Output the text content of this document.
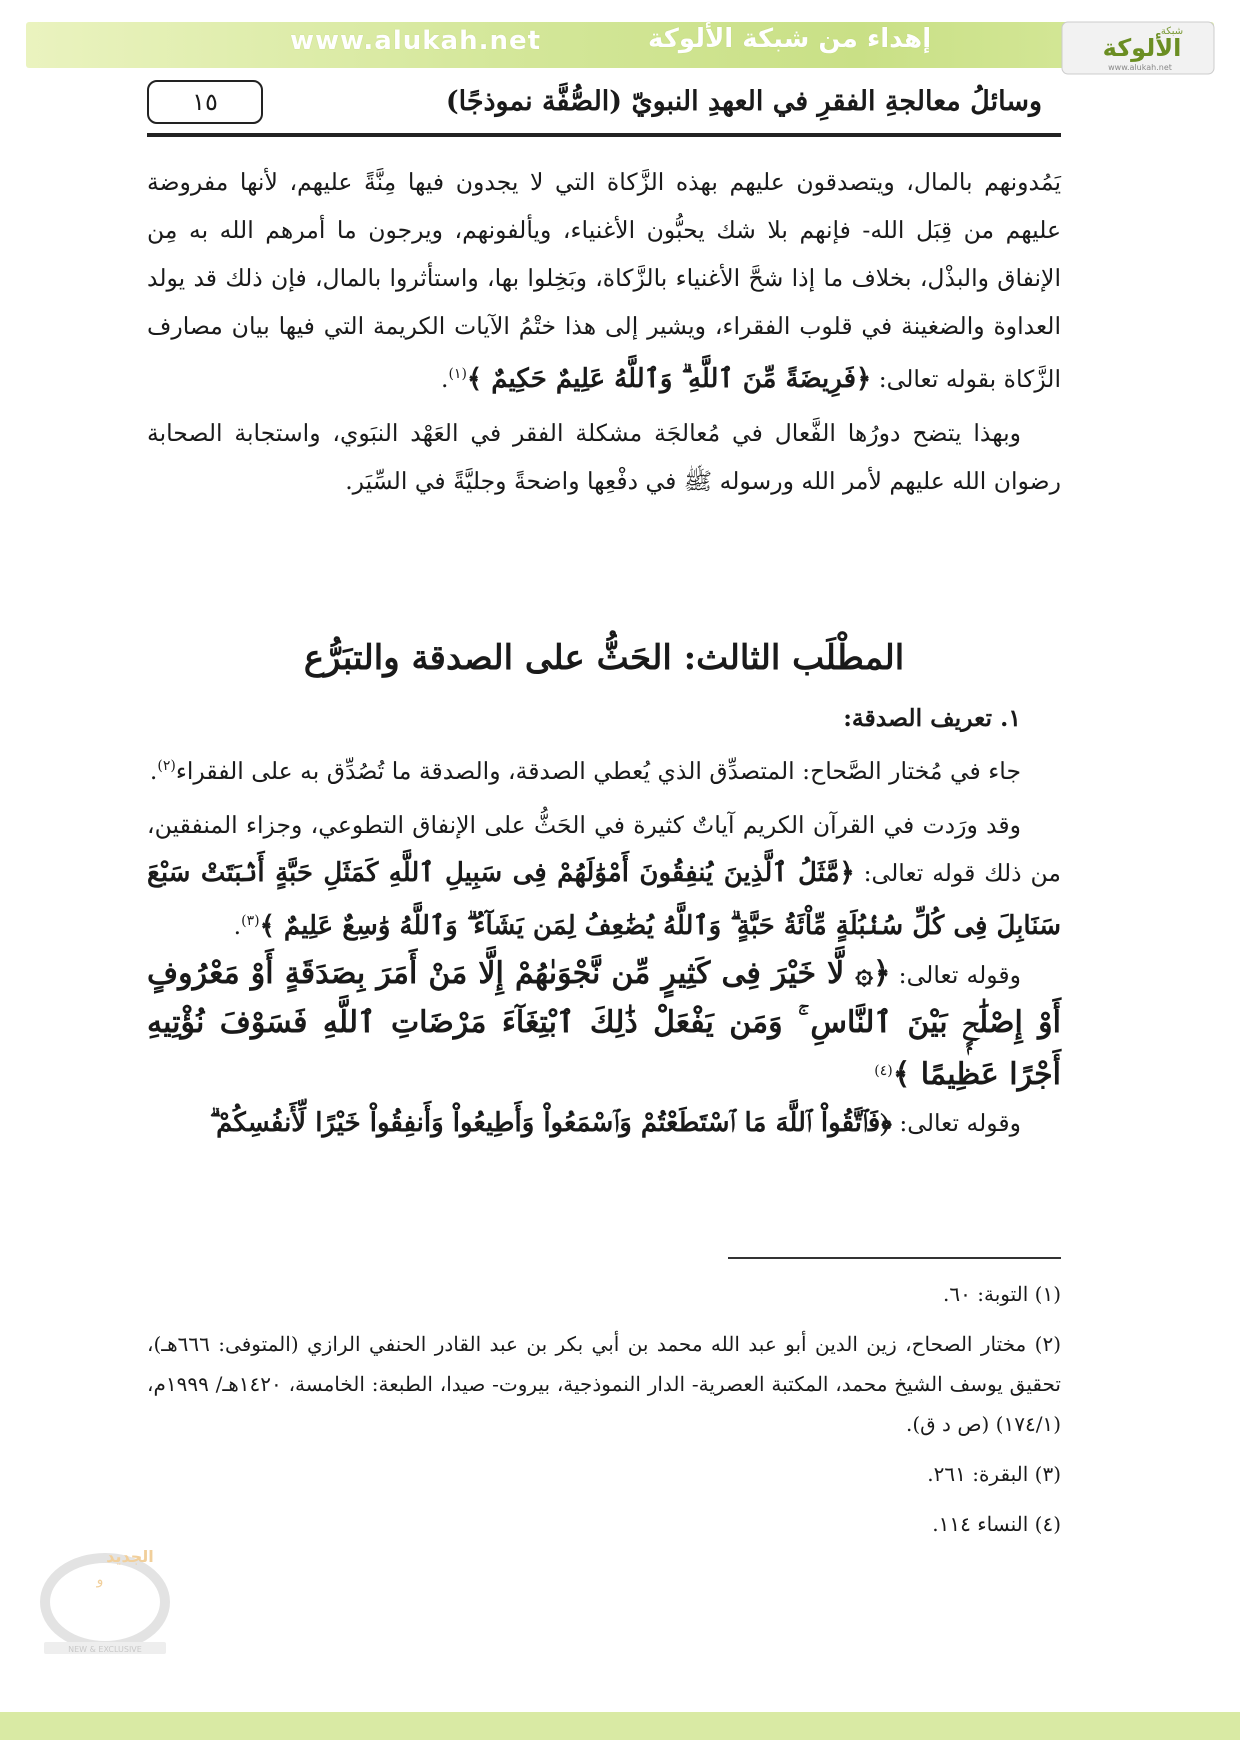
www.alukah.net	إهداء من شبكة الألوكة	شبكة
الألوكة
www.alukah.net
١٥	وسائلُ معالجةِ الفقرِ في العهدِ النبويّ (الصُّفَّة نموذجًا)

يَمُدونهم بالمال، ويتصدقون عليهم بهذه الزَّكاة التي لا يجدون فيها مِنَّةً عليهم، لأنها مفروضة عليهم من قِبَل الله- فإنهم بلا شك يحبُّون الأغنياء، ويألفونهم، ويرجون ما أمرهم الله به مِن الإنفاق والبذْل، بخلاف ما إذا شحَّ الأغنياء بالزَّكاة، وبَخِلوا بها، واستأثروا بالمال، فإن ذلك قد يولد العداوة والضغينة في قلوب الفقراء، ويشير إلى هذا ختْمُ الآيات الكريمة التي فيها بيان مصارف الزَّكاة بقوله تعالى: ﴿فَرِيضَةً مِّنَ ٱللَّهِ ۗ وَٱللَّهُ عَلِيمٌ حَكِيمٌ ﴾$^{(١)}$.

وبهذا يتضح دورُها الفَّعال في مُعالجَة مشكلة الفقر في العَهْد النبَوي، واستجابة الصحابة رضوان الله عليهم لأمر الله ورسوله ﷺ في دفْعِها واضحةً وجليَّةً في السِّيَر.

المطْلَب الثالث: الحَثُّ على الصدقة والتبَرُّع

١. تعريف الصدقة:

جاء في مُختار الصَّحاح: المتصدِّق الذي يُعطي الصدقة، والصدقة ما تُصُدِّق به على الفقراء$^{(٢)}$.

وقد ورَدت في القرآن الكريم آياتٌ كثيرة في الحَثُّ على الإنفاق التطوعي، وجزاء المنفقين، من ذلك قوله تعالى: ﴿مَّثَلُ ٱلَّذِينَ يُنفِقُونَ أَمْوَٰلَهُمْ فِى سَبِيلِ ٱللَّهِ كَمَثَلِ حَبَّةٍ أَنۢبَتَتْ سَبْعَ سَنَابِلَ فِى كُلِّ سُنۢبُلَةٍ مِّاْئَةُ حَبَّةٍ ۗ وَٱللَّهُ يُضَٰعِفُ لِمَن يَشَآءُ ۗ وَٱللَّهُ وَٰسِعٌ عَلِيمٌ ﴾$^{(٣)}$.

وقوله تعالى: ﴿۞ لَّا خَيْرَ فِى كَثِيرٍ مِّن نَّجْوَىٰهُمْ إِلَّا مَنْ أَمَرَ بِصَدَقَةٍ أَوْ مَعْرُوفٍ أَوْ إِصْلَٰحٍۭ بَيْنَ ٱلنَّاسِ ۚ وَمَن يَفْعَلْ ذَٰلِكَ ٱبْتِغَآءَ مَرْضَاتِ ٱللَّهِ فَسَوْفَ نُؤْتِيهِ أَجْرًا عَظِيمًا ﴾$^{(٤)}$

وقوله تعالى: ﴿فَٱتَّقُواْ ٱللَّهَ مَا ٱسْتَطَعْتُمْ وَٱسْمَعُواْ وَأَطِيعُواْ وَأَنفِقُواْ خَيْرًا لِّأَنفُسِكُمْ ۗ

(١) التوبة: ٦٠.

(٢) مختار الصحاح، زين الدين أبو عبد الله محمد بن أبي بكر بن عبد القادر الحنفي الرازي (المتوفى: ٦٦٦هـ)، تحقيق يوسف الشيخ محمد، المكتبة العصرية- الدار النموذجية، بيروت- صيدا، الطبعة: الخامسة، ١٤٢٠هـ/ ١٩٩٩م، (١٧٤/١) (ص د ق).

(٣) البقرة: ٢٦١.

(٤) النساء ١١٤.

الجديد
و
NEW & EXCLUSIVE
